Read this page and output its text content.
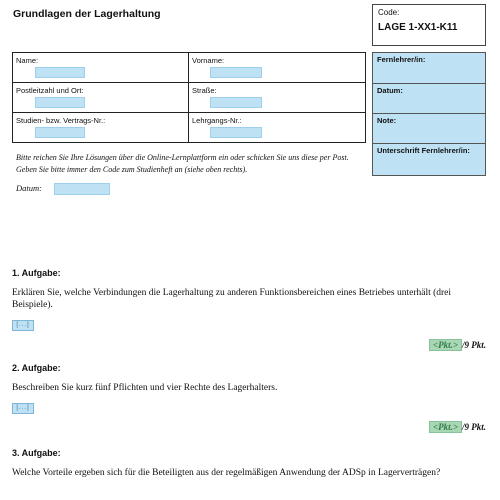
Grundlagen der Lagerhaltung	Code:
LAGE 1-XX1-K11
Name:	Vorname:
Postleitzahl und Ort:	Straße:
Studien- bzw. Vertrags-Nr.:	Lehrgangs-Nr.:
Fernlehrer/in:
Datum:
Note:
Unterschrift Fernlehrer/in:
Bitte reichen Sie Ihre Lösungen über die Online-Lernplattform ein oder schicken Sie uns diese per Post. Geben Sie bitte immer den Code zum Studienheft an (siehe oben rechts).
Datum:
1. Aufgabe:
Erklären Sie, welche Verbindungen die Lagerhaltung zu anderen Funktionsbereichen eines Betriebes unterhält (drei Beispiele).
[...]
<Pkt.> /9 Pkt.
2. Aufgabe:
Beschreiben Sie kurz fünf Pflichten und vier Rechte des Lagerhalters.
[...]
<Pkt.> /9 Pkt.
3. Aufgabe:
Welche Vorteile ergeben sich für die Beteiligten aus der regelmäßigen Anwendung der ADSp in Lagerverträgen?
